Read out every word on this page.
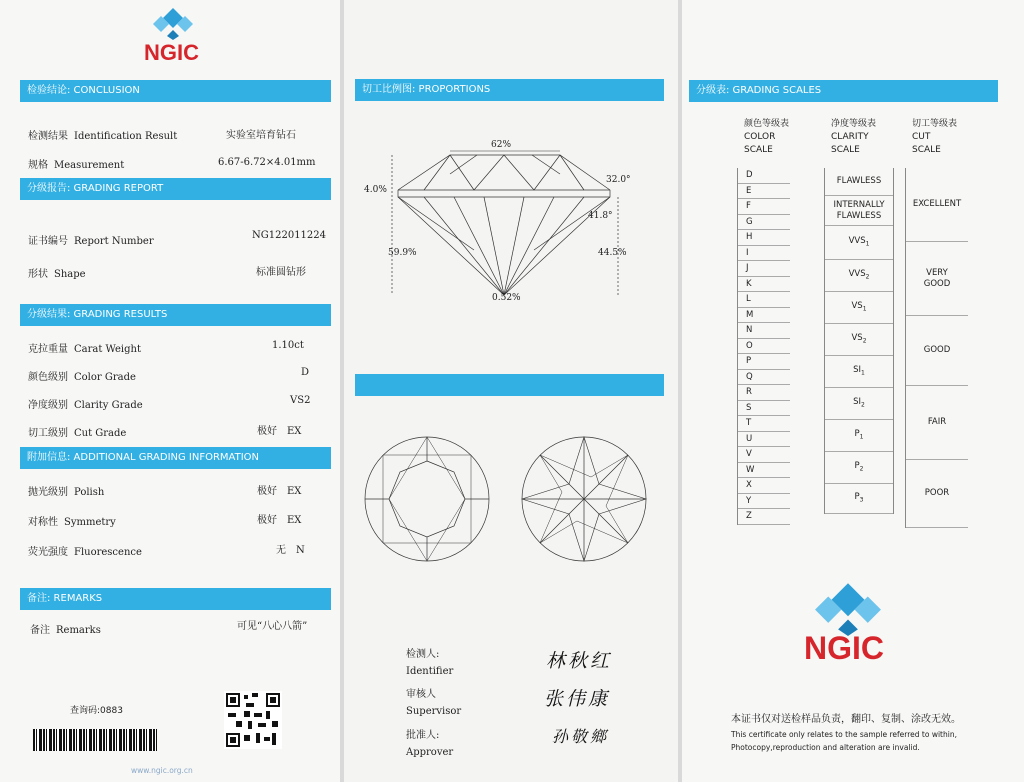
NGIC
检验结论: CONCLUSION
检测结果 Identification Result	实验室培育钻石
规格 Measurement	6.67-6.72×4.01mm
分级报告: GRADING REPORT
证书编号 Report Number
NG122011224
形状 Shape	标准圆钻形
分级结果: GRADING RESULTS
克拉重量 Carat Weight	1.10ct
颜色级别 Color Grade	D
净度级别 Clarity Grade	VS2
切工级别 Cut Grade	极好　EX
附加信息: ADDITIONAL GRADING INFORMATION
抛光级别 Polish	极好　EX
对称性 Symmetry	极好　EX
荧光强度 Fluorescence	无　N
备注: REMARKS
备注 Remarks	可见“八心八箭”
查询码:0883
www.ngic.org.cn
切工比例图: PROPORTIONS
62%
32.0°
4.0%
41.8°
59.9%	44.5%
0.52%
检测人:
Identifier	林秋红
审核人
Supervisor
张伟康
批准人:
Approver
孙敬鄉
分级表: GRADING SCALES
颜色等级表
COLOR
SCALE
净度等级表
CLARITY
SCALE
切工等级表
CUT
SCALE
D
E
F
G
H
I
J
K
L
M
N
O
P
Q
R
S
T
U
V
W
X
Y
Z
FLAWLESS
INTERNALLY
FLAWLESS
$VVS_1$
$VVS_2$
$VS_1$
$VS_2$
$SI_1$
$SI_2$
$P_1$
$P_2$
$P_3$
EXCELLENT
VERY
GOOD
GOOD
FAIR
POOR
NGIC
本证书仅对送检样品负责，翻印、复制、涂改无效。
This certificate only relates to the sample referred to within,
Photocopy,reproduction and alteration are invalid.
